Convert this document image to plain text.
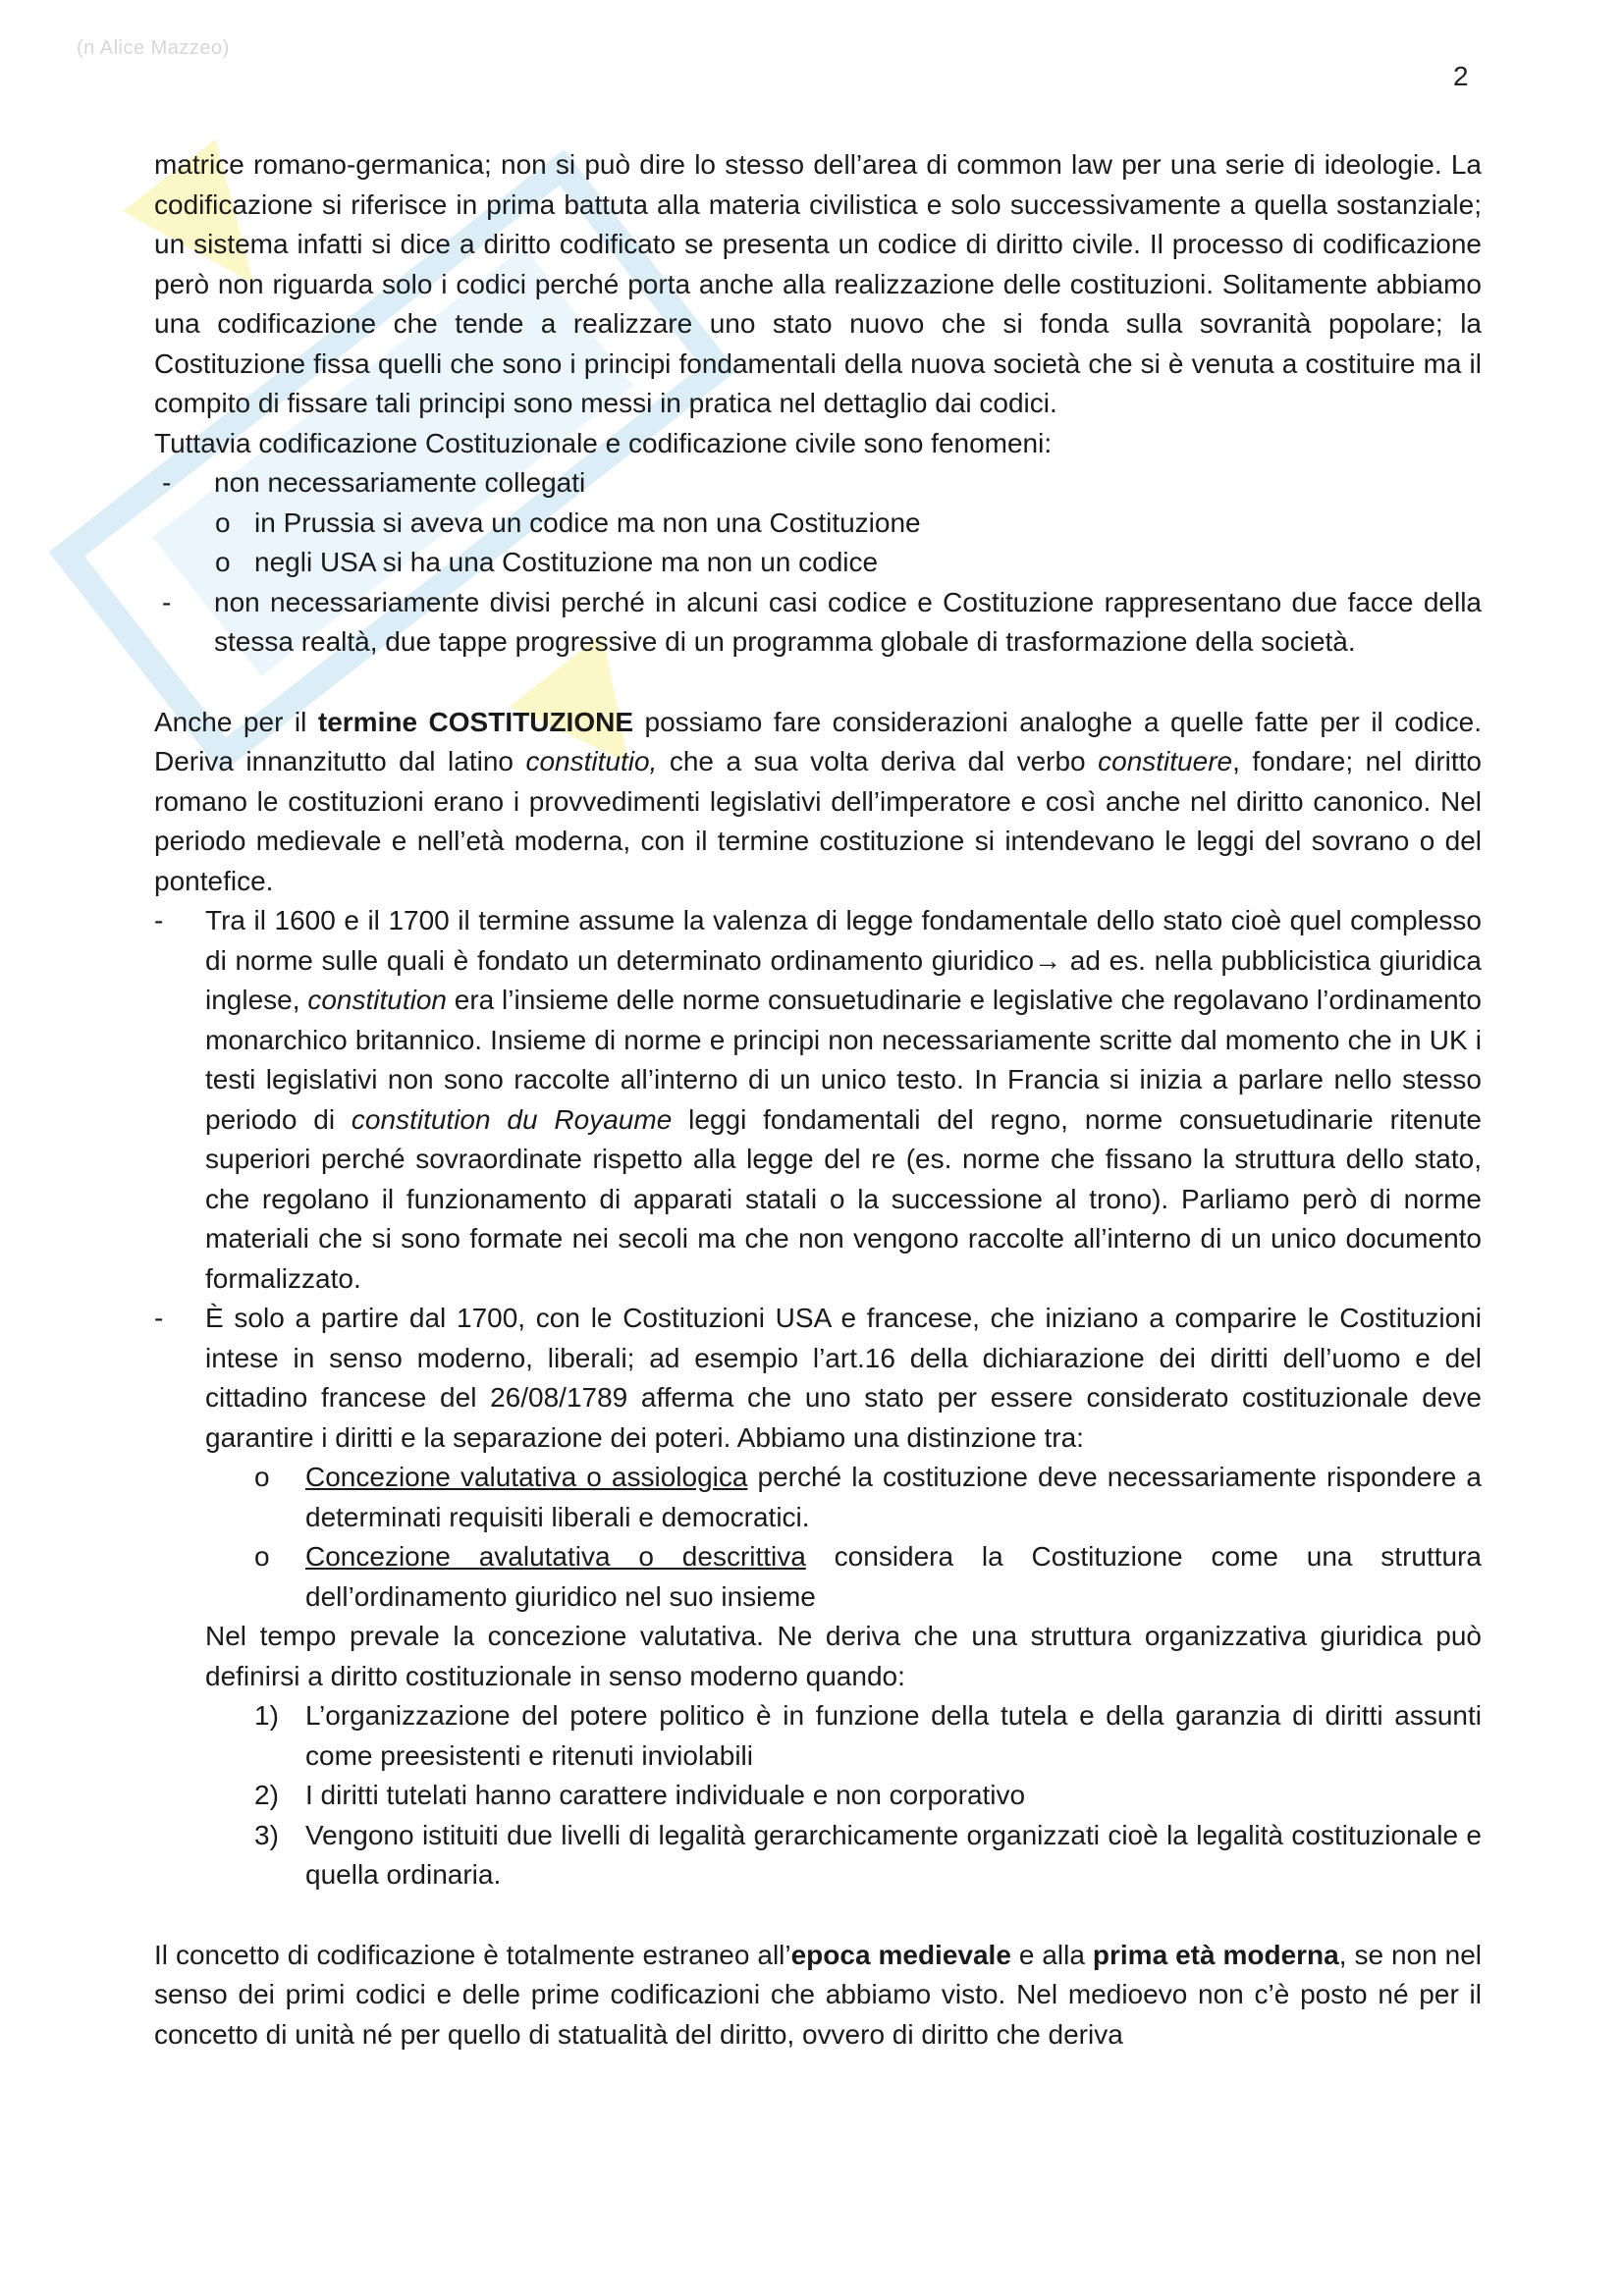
(n Alice Mazzeo)
2

matrice romano-germanica; non si può dire lo stesso dell’area di common law per una serie di ideologie. La codificazione si riferisce in prima battuta alla materia civilistica e solo successivamente a quella sostanziale; un sistema infatti si dice a diritto codificato se presenta un codice di diritto civile. Il processo di codificazione però non riguarda solo i codici perché porta anche alla realizzazione delle costituzioni. Solitamente abbiamo una codificazione che tende a realizzare uno stato nuovo che si fonda sulla sovranità popolare; la Costituzione fissa quelli che sono i principi fondamentali della nuova società che si è venuta a costituire ma il compito di fissare tali principi sono messi in pratica nel dettaglio dai codici.

Tuttavia codificazione Costituzionale e codificazione civile sono fenomeni:

- non necessariamente collegati
o in Prussia si aveva un codice ma non una Costituzione
o negli USA si ha una Costituzione ma non un codice
- non necessariamente divisi perché in alcuni casi codice e Costituzione rappresentano due facce della stessa realtà, due tappe progressive di un programma globale di trasformazione della società.

Anche per il termine COSTITUZIONE possiamo fare considerazioni analoghe a quelle fatte per il codice. Deriva innanzitutto dal latino constitutio, che a sua volta deriva dal verbo constituere, fondare; nel diritto romano le costituzioni erano i provvedimenti legislativi dell’imperatore e così anche nel diritto canonico. Nel periodo medievale e nell’età moderna, con il termine costituzione si intendevano le leggi del sovrano o del pontefice.

- Tra il 1600 e il 1700 il termine assume la valenza di legge fondamentale dello stato cioè quel complesso di norme sulle quali è fondato un determinato ordinamento giuridico→ ad es. nella pubblicistica giuridica inglese, constitution era l’insieme delle norme consuetudinarie e legislative che regolavano l’ordinamento monarchico britannico. Insieme di norme e principi non necessariamente scritte dal momento che in UK i testi legislativi non sono raccolte all’interno di un unico testo. In Francia si inizia a parlare nello stesso periodo di constitution du Royaume leggi fondamentali del regno, norme consuetudinarie ritenute superiori perché sovraordinate rispetto alla legge del re (es. norme che fissano la struttura dello stato, che regolano il funzionamento di apparati statali o la successione al trono). Parliamo però di norme materiali che si sono formate nei secoli ma che non vengono raccolte all’interno di un unico documento formalizzato.
- È solo a partire dal 1700, con le Costituzioni USA e francese, che iniziano a comparire le Costituzioni intese in senso moderno, liberali; ad esempio l’art.16 della dichiarazione dei diritti dell’uomo e del cittadino francese del 26/08/1789 afferma che uno stato per essere considerato costituzionale deve garantire i diritti e la separazione dei poteri. Abbiamo una distinzione tra:
o Concezione valutativa o assiologica perché la costituzione deve necessariamente rispondere a determinati requisiti liberali e democratici.
o Concezione avalutativa o descrittiva considera la Costituzione come una struttura dell’ordinamento giuridico nel suo insieme

Nel tempo prevale la concezione valutativa. Ne deriva che una struttura organizzativa giuridica può definirsi a diritto costituzionale in senso moderno quando:

1) L’organizzazione del potere politico è in funzione della tutela e della garanzia di diritti assunti come preesistenti e ritenuti inviolabili
2) I diritti tutelati hanno carattere individuale e non corporativo
3) Vengono istituiti due livelli di legalità gerarchicamente organizzati cioè la legalità costituzionale e quella ordinaria.

Il concetto di codificazione è totalmente estraneo all’epoca medievale e alla prima età moderna, se non nel senso dei primi codici e delle prime codificazioni che abbiamo visto. Nel medioevo non c’è posto né per il concetto di unità né per quello di statualità del diritto, ovvero di diritto che deriva
